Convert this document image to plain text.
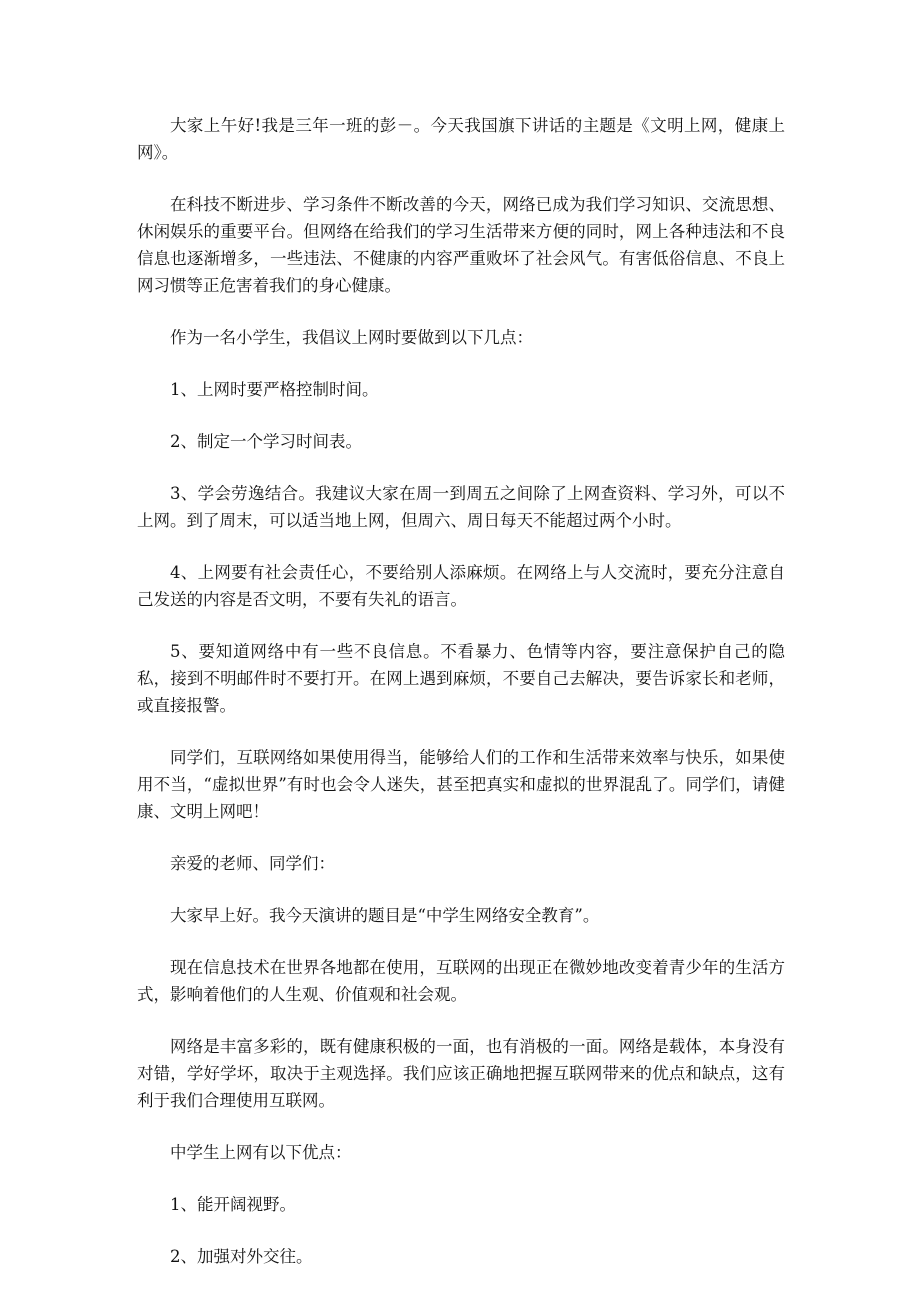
大家上午好!我是三年一班的彭－。今天我国旗下讲话的主题是《文明上网，健康上网》。

在科技不断进步、学习条件不断改善的今天，网络已成为我们学习知识、交流思想、休闲娱乐的重要平台。但网络在给我们的学习生活带来方便的同时，网上各种违法和不良信息也逐渐增多，一些违法、不健康的内容严重败坏了社会风气。有害低俗信息、不良上网习惯等正危害着我们的身心健康。

作为一名小学生，我倡议上网时要做到以下几点：

1、上网时要严格控制时间。

2、制定一个学习时间表。

3、学会劳逸结合。我建议大家在周一到周五之间除了上网查资料、学习外，可以不上网。到了周末，可以适当地上网，但周六、周日每天不能超过两个小时。

4、上网要有社会责任心，不要给别人添麻烦。在网络上与人交流时，要充分注意自己发送的内容是否文明，不要有失礼的语言。

5、要知道网络中有一些不良信息。不看暴力、色情等内容，要注意保护自己的隐私，接到不明邮件时不要打开。在网上遇到麻烦，不要自己去解决，要告诉家长和老师，或直接报警。

同学们，互联网络如果使用得当，能够给人们的工作和生活带来效率与快乐，如果使用不当，“虚拟世界”有时也会令人迷失，甚至把真实和虚拟的世界混乱了。同学们，请健康、文明上网吧！

亲爱的老师、同学们：

大家早上好。我今天演讲的题目是“中学生网络安全教育”。

现在信息技术在世界各地都在使用，互联网的出现正在微妙地改变着青少年的生活方式，影响着他们的人生观、价值观和社会观。

网络是丰富多彩的，既有健康积极的一面，也有消极的一面。网络是载体，本身没有对错，学好学坏，取决于主观选择。我们应该正确地把握互联网带来的优点和缺点，这有利于我们合理使用互联网。

中学生上网有以下优点：

1、能开阔视野。

2、加强对外交往。
